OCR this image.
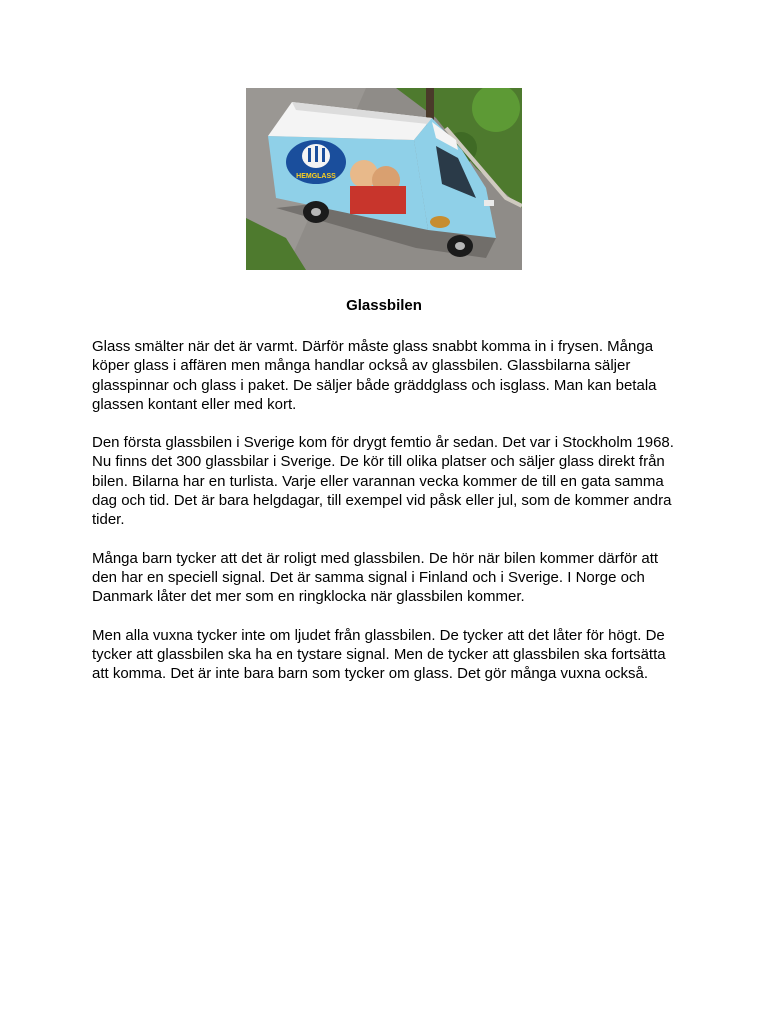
HEMGLASS
Glassbilen

Glass smälter när det är varmt. Därför måste glass snabbt komma in i frysen. Många köper glass i affären men många handlar också av glassbilen. Glassbilarna säljer glasspinnar och glass i paket. De säljer både gräddglass och isglass. Man kan betala glassen kontant eller med kort.

Den första glassbilen i Sverige kom för drygt femtio år sedan. Det var i Stockholm 1968. Nu finns det 300 glassbilar i Sverige. De kör till olika platser och säljer glass direkt från bilen. Bilarna har en turlista. Varje eller varannan vecka kommer de till en gata samma dag och tid. Det är bara helgdagar, till exempel vid påsk eller jul, som de kommer andra tider.

Många barn tycker att det är roligt med glassbilen. De hör när bilen kommer därför att den har en speciell signal. Det är samma signal i Finland och i Sverige. I Norge och Danmark låter det mer som en ringklocka när glassbilen kommer.

Men alla vuxna tycker inte om ljudet från glassbilen. De tycker att det låter för högt. De tycker att glassbilen ska ha en tystare signal. Men de tycker att glassbilen ska fortsätta att komma. Det är inte bara barn som tycker om glass. Det gör många vuxna också.
